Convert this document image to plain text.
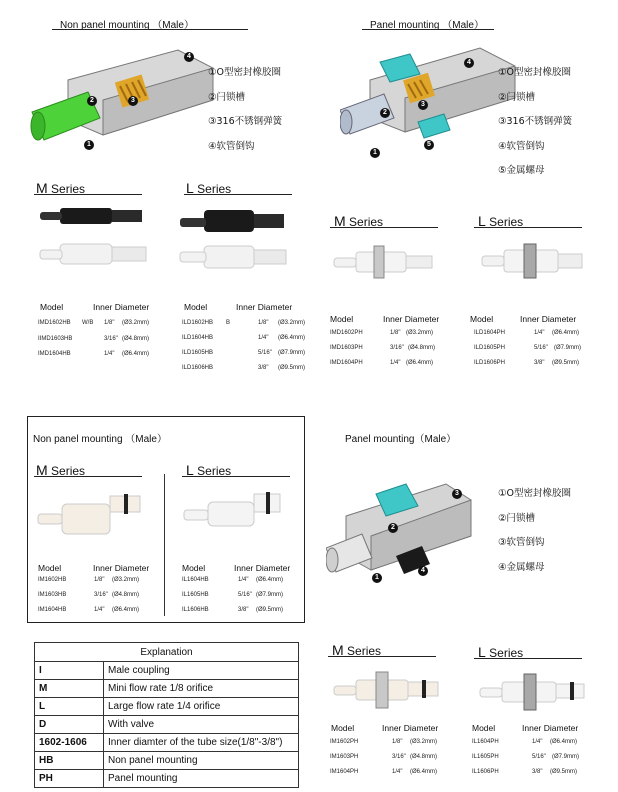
Non panel mounting （Male）	Panel mounting （Male）
4
2	3
1
①O型密封橡胶圈
②闩锁槽
③316不锈钢弹簧
④软管倒钩
4
2
3
1
5
①O型密封橡胶圈
②闩锁槽
③316不锈钢弹簧
④软管倒钩
⑤金属螺母
M Series	L Series
M Series	L Series
Model	Inner Diameter
IMD1602HB W/B 1/8" (Ø3.2mm)
IIMD1603HB	3/16" (Ø4.8mm)
IMD1604HB	1/4" (Ø6.4mm)
Model	Inner Diameter
ILD1602HB B	1/8" (Ø3.2mm)
ILD1604HB	1/4" (Ø6.4mm)
ILD1605HB	5/16" (Ø7.9mm)
ILD1606HB	3/8" (Ø9.5mm)
Model	Inner Diameter
IMD1602PH	1/8" (Ø3.2mm)
IMD1603PH	3/16" (Ø4.8mm)
IMD1604PH	1/4" (Ø6.4mm)
Model	Inner Diameter
ILD1604PH	1/4" (Ø6.4mm)
ILD1605PH	5/16" (Ø7.9mm)
ILD1606PH	3/8" (Ø9.5mm)
Non panel mounting （Male）
M Series	L Series
Model	Inner Diameter
IM1602HB	1/8" (Ø3.2mm)
IM1603HB	3/16" (Ø4.8mm)
IM1604HB	1/4" (Ø6.4mm)
Model	Inner Diameter
IL1604HB	1/4" (Ø6.4mm)
IL1605HB	5/16" (Ø7.9mm)
IL1606HB	3/8" (Ø9.5mm)
Panel mounting（Male）
3
2
1
4
①O型密封橡胶圈
②闩锁槽
③软管倒钩
④金属螺母
Explanation	
I	Male coupling
M	Mini flow rate 1/8 orifice
L	Large flow rate 1/4 orifice
D	With valve
1602-1606	Inner diamter of the tube size(1/8"-3/8")
HB	Non panel mounting
PH	Panel mounting
M Series	L Series
Model	Inner Diameter
IM1602PH	1/8" (Ø3.2mm)
IM1603PH	3/16" (Ø4.8mm)
IM1604PH	1/4" (Ø6.4mm)
Model	Inner Diameter
IL1604PH	1/4" (Ø6.4mm)
IL1605PH	5/16" (Ø7.9mm)
IL1606PH	3/8" (Ø9.5mm)
